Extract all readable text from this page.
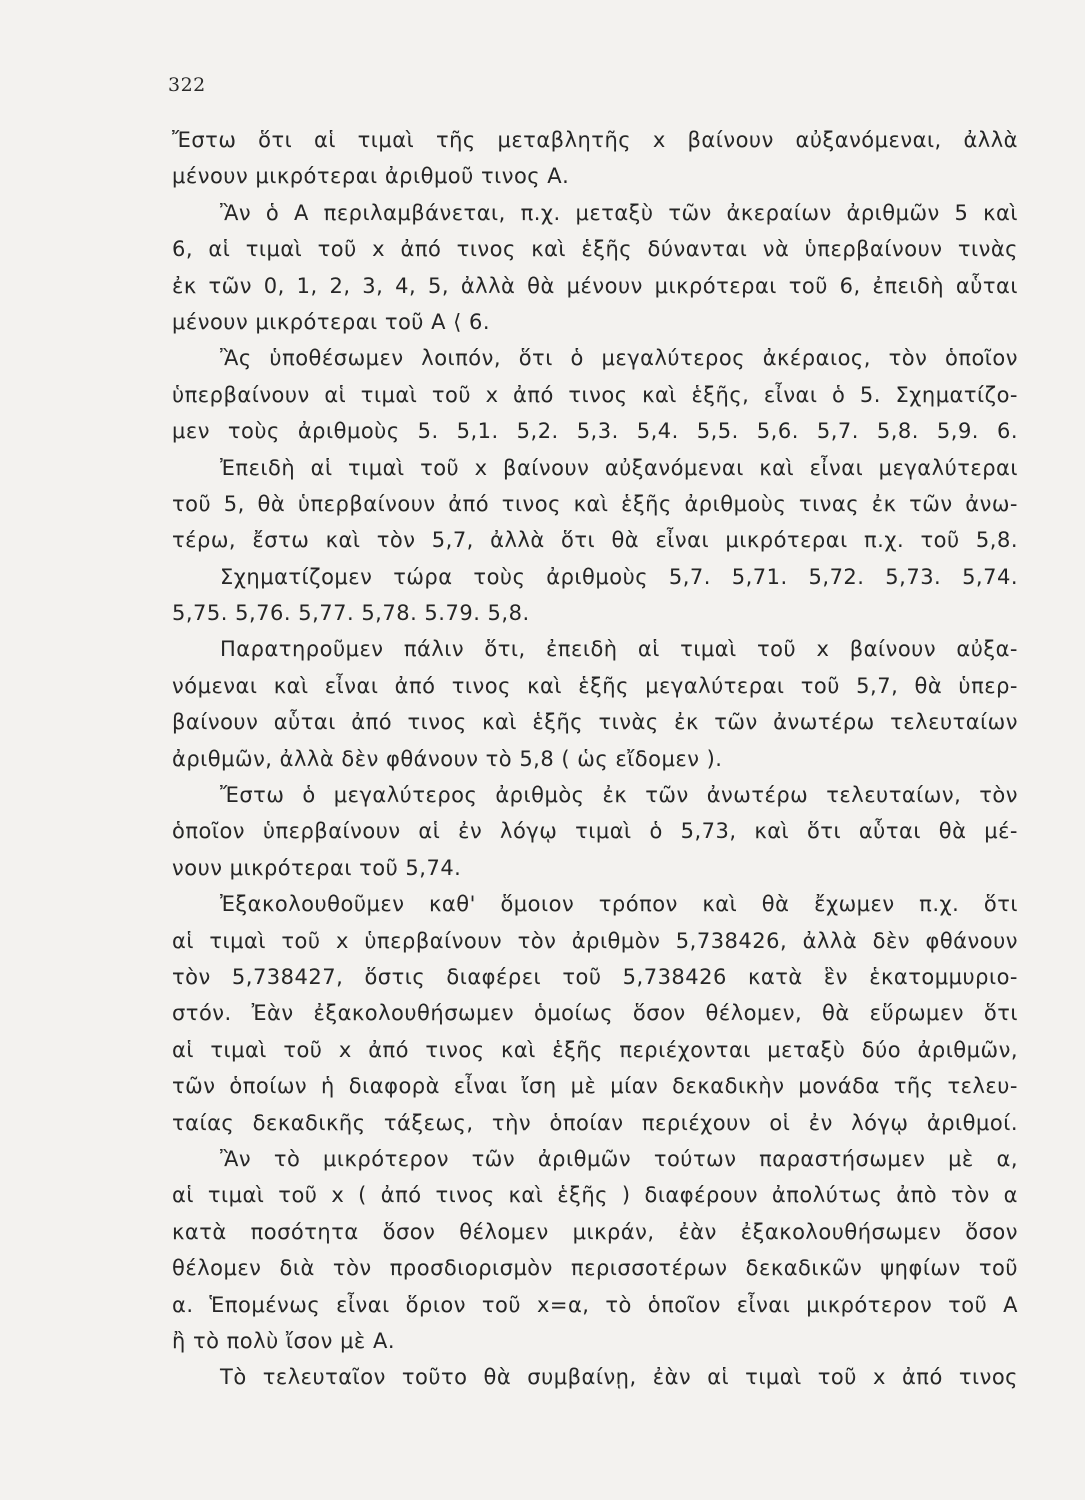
322
Ἔστω ὅτι αἱ τιμαὶ τῆς μεταβλητῆς x βαίνουν αὐξανόμεναι, ἀλλὰ
μένουν μικρότεραι ἀριθμοῦ τινος Α.
Ἂν ὁ Α περιλαμβάνεται, π.χ. μεταξὺ τῶν ἀκεραίων ἀριθμῶν 5 καὶ
6, αἱ τιμαὶ τοῦ x ἀπό τινος καὶ ἑξῆς δύνανται νὰ ὑπερβαίνουν τινὰς
ἐκ τῶν 0, 1, 2, 3, 4, 5, ἀλλὰ θὰ μένουν μικρότεραι τοῦ 6, ἐπειδὴ αὗται
μένουν μικρότεραι τοῦ Α ⟨ 6.
Ἂς ὑποθέσωμεν λοιπόν, ὅτι ὁ μεγαλύτερος ἀκέραιος, τὸν ὁποῖον
ὑπερβαίνουν αἱ τιμαὶ τοῦ x ἀπό τινος καὶ ἑξῆς, εἶναι ὁ 5. Σχηματίζο-
μεν τοὺς ἀριθμοὺς 5. 5,1. 5,2. 5,3. 5,4. 5,5. 5,6. 5,7. 5,8. 5,9. 6.
Ἐπειδὴ αἱ τιμαὶ τοῦ x βαίνουν αὐξανόμεναι καὶ εἶναι μεγαλύτεραι
τοῦ 5, θὰ ὑπερβαίνουν ἀπό τινος καὶ ἑξῆς ἀριθμοὺς τινας ἐκ τῶν ἀνω-
τέρω, ἔστω καὶ τὸν 5,7, ἀλλὰ ὅτι θὰ εἶναι μικρότεραι π.χ. τοῦ 5,8.
Σχηματίζομεν τώρα τοὺς ἀριθμοὺς 5,7. 5,71. 5,72. 5,73. 5,74.
5,75. 5,76. 5,77. 5,78. 5.79. 5,8.
Παρατηροῦμεν πάλιν ὅτι, ἐπειδὴ αἱ τιμαὶ τοῦ x βαίνουν αὐξα-
νόμεναι καὶ εἶναι ἀπό τινος καὶ ἑξῆς μεγαλύτεραι τοῦ 5,7, θὰ ὑπερ-
βαίνουν αὗται ἀπό τινος καὶ ἑξῆς τινὰς ἐκ τῶν ἀνωτέρω τελευταίων
ἀριθμῶν, ἀλλὰ δὲν φθάνουν τὸ 5,8 ( ὡς εἴδομεν ).
Ἔστω ὁ μεγαλύτερος ἀριθμὸς ἐκ τῶν ἀνωτέρω τελευταίων, τὸν
ὁποῖον ὑπερβαίνουν αἱ ἐν λόγῳ τιμαὶ ὁ 5,73, καὶ ὅτι αὗται θὰ μέ-
νουν μικρότεραι τοῦ 5,74.
Ἐξακολουθοῦμεν καθ' ὅμοιον τρόπον καὶ θὰ ἔχωμεν π.χ. ὅτι
αἱ τιμαὶ τοῦ x ὑπερβαίνουν τὸν ἀριθμὸν 5,738426, ἀλλὰ δὲν φθάνουν
τὸν 5,738427, ὅστις διαφέρει τοῦ 5,738426 κατὰ ἓν ἑκατομμυριο-
στόν. Ἐὰν ἐξακολουθήσωμεν ὁμοίως ὅσον θέλομεν, θὰ εὕρωμεν ὅτι
αἱ τιμαὶ τοῦ x ἀπό τινος καὶ ἑξῆς περιέχονται μεταξὺ δύο ἀριθμῶν,
τῶν ὁποίων ἡ διαφορὰ εἶναι ἴση μὲ μίαν δεκαδικὴν μονάδα τῆς τελευ-
ταίας δεκαδικῆς τάξεως, τὴν ὁποίαν περιέχουν οἱ ἐν λόγῳ ἀριθμοί.
Ἂν τὸ μικρότερον τῶν ἀριθμῶν τούτων παραστήσωμεν μὲ α,
αἱ τιμαὶ τοῦ x ( ἀπό τινος καὶ ἑξῆς ) διαφέρουν ἀπολύτως ἀπὸ τὸν α
κατὰ ποσότητα ὅσον θέλομεν μικράν, ἐὰν ἐξακολουθήσωμεν ὅσον
θέλομεν διὰ τὸν προσδιορισμὸν περισσοτέρων δεκαδικῶν ψηφίων τοῦ
α. Ἑπομένως εἶναι ὅριον τοῦ x=α, τὸ ὁποῖον εἶναι μικρότερον τοῦ Α
ἢ τὸ πολὺ ἴσον μὲ Α.
Τὸ τελευταῖον τοῦτο θὰ συμβαίνῃ, ἐὰν αἱ τιμαὶ τοῦ x ἀπό τινος
